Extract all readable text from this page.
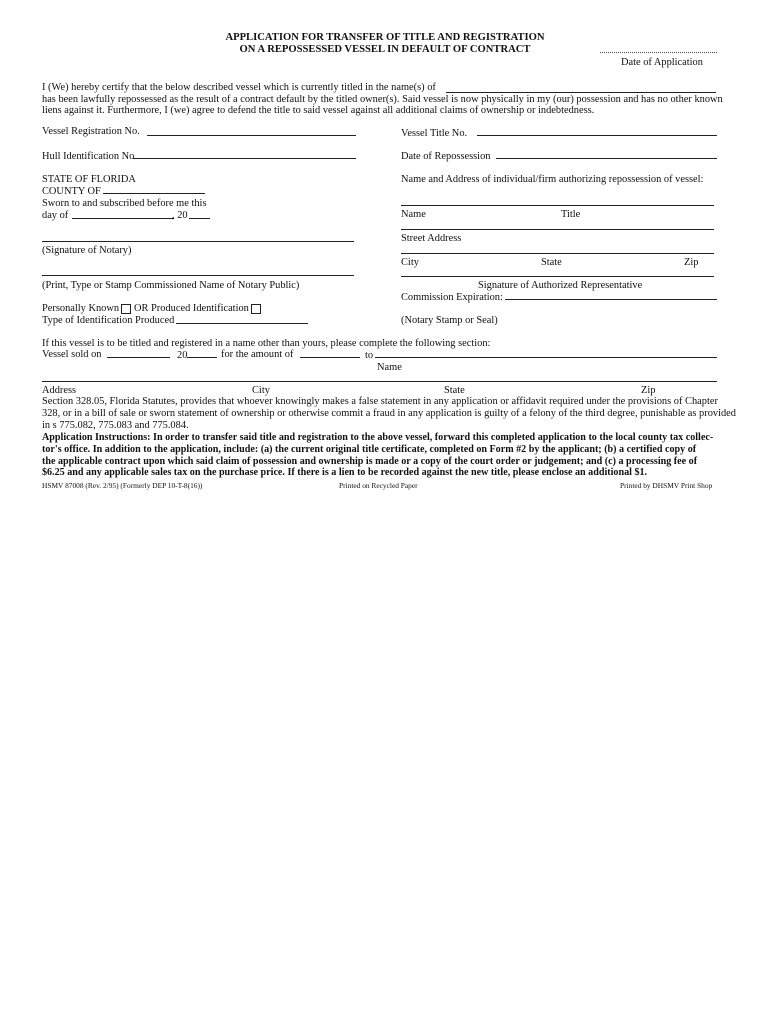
APPLICATION FOR TRANSFER OF TITLE AND REGISTRATION
ON A REPOSSESSED VESSEL IN DEFAULT OF CONTRACT
Date of Application
I (We) hereby certify that the below described vessel which is currently titled in the name(s) of
has been lawfully repossessed as the result of a contract default by the titled owner(s). Said vessel is now physically in my (our) possession and has no other known
liens against it. Furthermore, I (we) agree to defend the title to said vessel against all additional claims of ownership or indebtedness.
Vessel Registration No.	Vessel Title No.
Hull Identification No	Date of Repossession
STATE OF FLORIDA
COUNTY OF
Sworn to and subscribed before me this
day of	, 20
(Signature of Notary)
(Print, Type or Stamp Commissioned Name of Notary Public)
Personally Known OR Produced Identification
Type of Identification Produced
Name and Address of individual/firm authorizing repossession of vessel:
Name	Title
Street Address
City	State	Zip
Signature of Authorized Representative
Commission Expiration:
(Notary Stamp or Seal)
If this vessel is to be titled and registered in a name other than yours, please complete the following section:
Vessel sold on	20	for the amount of	to
Name
Address	City	State	Zip
Section 328.05, Florida Statutes, provides that whoever knowingly makes a false statement in any application or affidavit required under the provisions of Chapter
328, or in a bill of sale or sworn statement of ownership or otherwise commit a fraud in any application is guilty of a felony of the third degree, punishable as provided
in s 775.082, 775.083 and 775.084.
Application Instructions: In order to transfer said title and registration to the above vessel, forward this completed application to the local county tax collec-
tor's office. In addition to the application, include: (a) the current original title certificate, completed on Form #2 by the applicant; (b) a certified copy of
the applicable contract upon which said claim of possession and ownership is made or a copy of the court order or judgement; and (c) a processing fee of
$6.25 and any applicable sales tax on the purchase price. If there is a lien to be recorded against the new title, please enclose an additional $1.
HSMV 87008 (Rev. 2/95) (Formerly DEP 10-T-8(16))	Printed on Recycled Paper	Printed by DHSMV Print Shop
